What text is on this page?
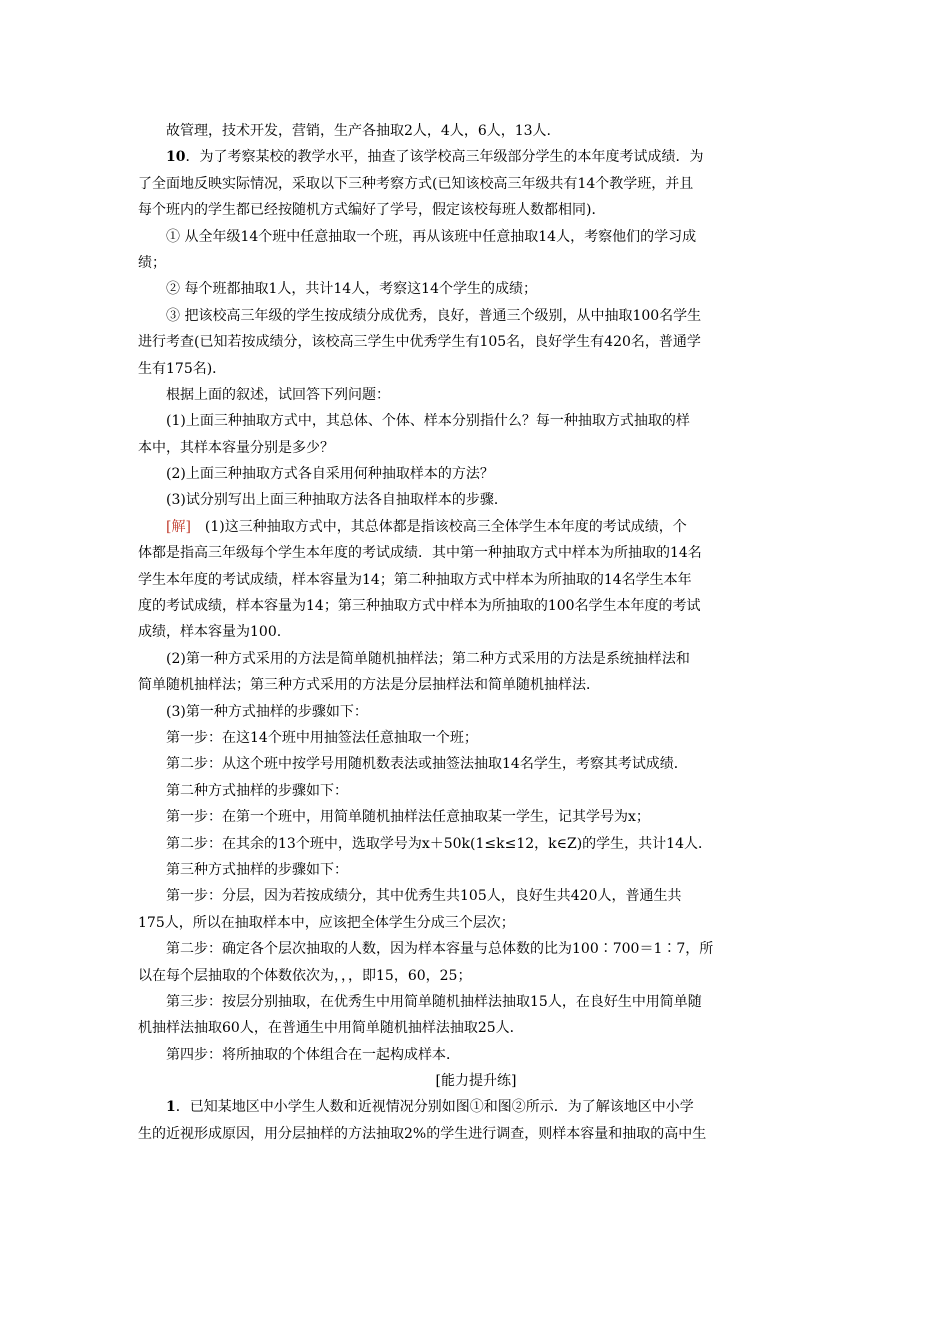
故管理，技术开发，营销，生产各抽取2人，4人，6人，13人.
10．为了考察某校的教学水平，抽查了该学校高三年级部分学生的本年度考试成绩．为
了全面地反映实际情况，采取以下三种考察方式(已知该校高三年级共有14个教学班，并且
每个班内的学生都已经按随机方式编好了学号，假定该校每班人数都相同)．
① 从全年级14个班中任意抽取一个班，再从该班中任意抽取14人，考察他们的学习成
绩；
② 每个班都抽取1人，共计14人，考察这14个学生的成绩；
③ 把该校高三年级的学生按成绩分成优秀，良好，普通三个级别，从中抽取100名学生
进行考查(已知若按成绩分，该校高三学生中优秀学生有105名，良好学生有420名，普通学
生有175名)．
根据上面的叙述，试回答下列问题：
(1)上面三种抽取方式中，其总体、个体、样本分别指什么？每一种抽取方式抽取的样
本中，其样本容量分别是多少？
(2)上面三种抽取方式各自采用何种抽取样本的方法？
(3)试分别写出上面三种抽取方法各自抽取样本的步骤．
[解]　(1)这三种抽取方式中，其总体都是指该校高三全体学生本年度的考试成绩，个
体都是指高三年级每个学生本年度的考试成绩．其中第一种抽取方式中样本为所抽取的14名
学生本年度的考试成绩，样本容量为14；第二种抽取方式中样本为所抽取的14名学生本年
度的考试成绩，样本容量为14；第三种抽取方式中样本为所抽取的100名学生本年度的考试
成绩，样本容量为100.
(2)第一种方式采用的方法是简单随机抽样法；第二种方式采用的方法是系统抽样法和
简单随机抽样法；第三种方式采用的方法是分层抽样法和简单随机抽样法．
(3)第一种方式抽样的步骤如下：
第一步：在这14个班中用抽签法任意抽取一个班；
第二步：从这个班中按学号用随机数表法或抽签法抽取14名学生，考察其考试成绩．
第二种方式抽样的步骤如下：
第一步：在第一个班中，用简单随机抽样法任意抽取某一学生，记其学号为x；
第二步：在其余的13个班中，选取学号为x＋50k(1≤k≤12，k∈Z)的学生，共计14人．
第三种方式抽样的步骤如下：
第一步：分层，因为若按成绩分，其中优秀生共105人，良好生共420人，普通生共
175人，所以在抽取样本中，应该把全体学生分成三个层次；
第二步：确定各个层次抽取的人数，因为样本容量与总体数的比为100∶700＝1∶7，所
以在每个层抽取的个体数依次为，，，即15，60，25；
第三步：按层分别抽取，在优秀生中用简单随机抽样法抽取15人，在良好生中用简单随
机抽样法抽取60人，在普通生中用简单随机抽样法抽取25人．
第四步：将所抽取的个体组合在一起构成样本．
[能力提升练]
1．已知某地区中小学生人数和近视情况分别如图①和图②所示．为了解该地区中小学
生的近视形成原因，用分层抽样的方法抽取2%的学生进行调查，则样本容量和抽取的高中生
